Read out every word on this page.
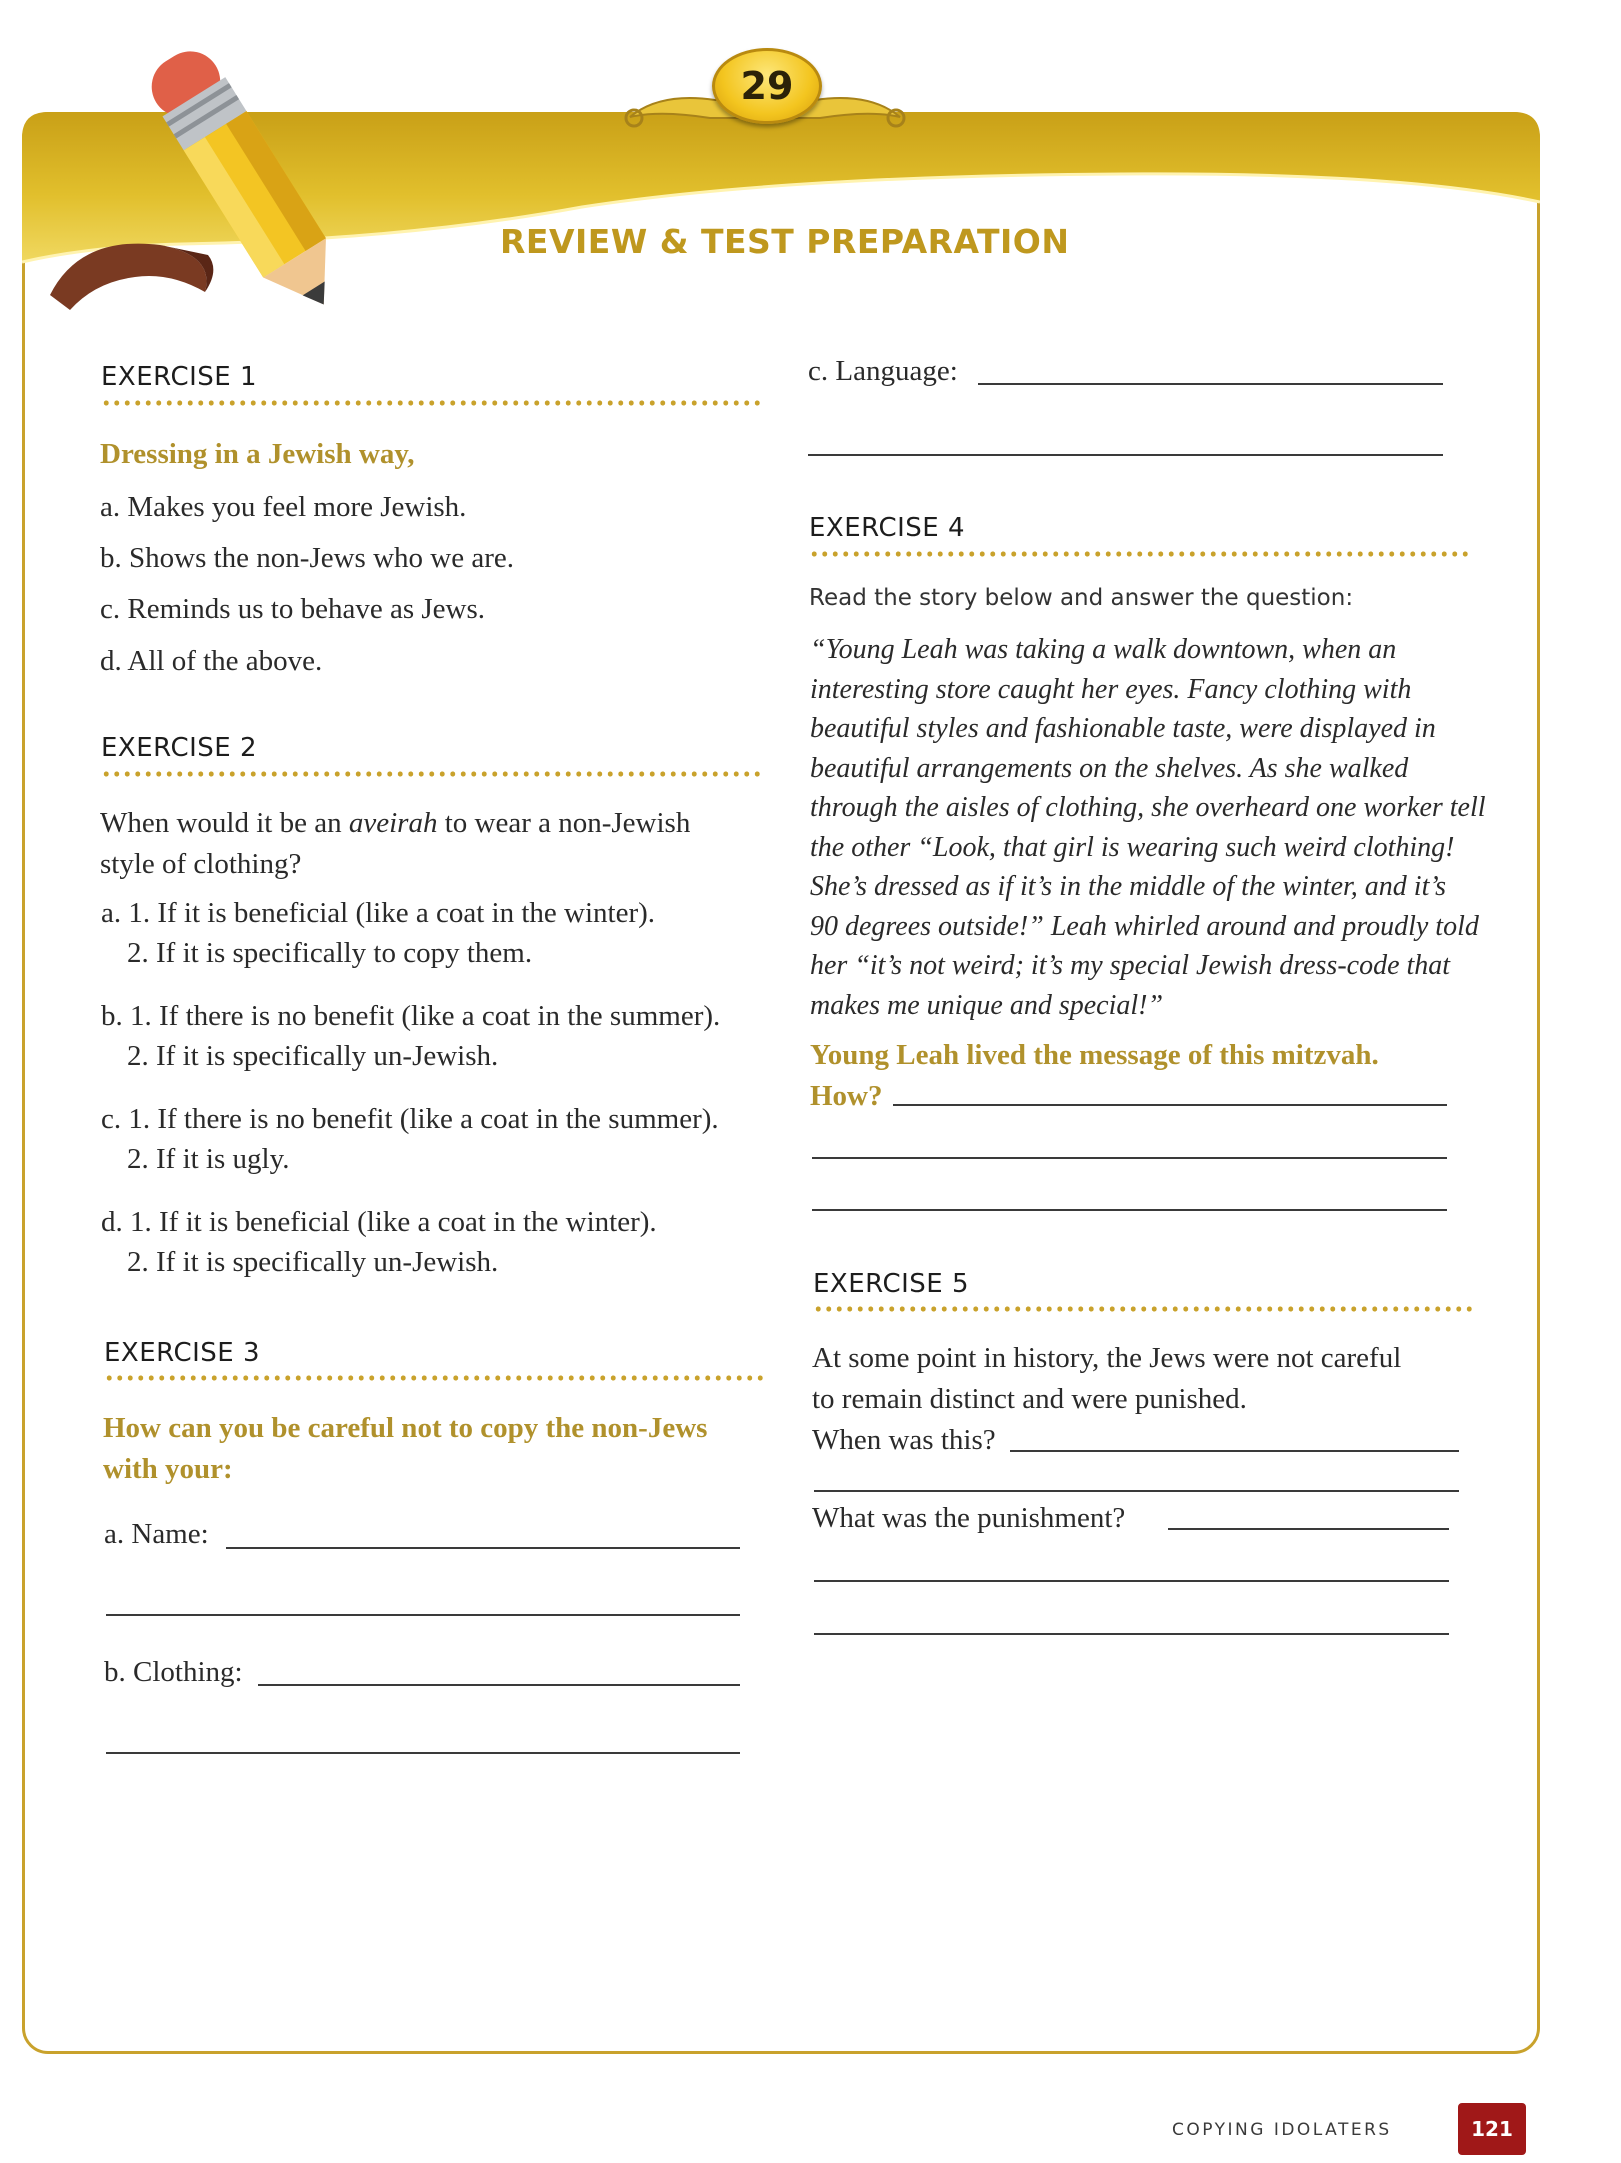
29
REVIEW & TEST PREPARATION
EXERCISE 1
Dressing in a Jewish way,
a. Makes you feel more Jewish.
b. Shows the non-Jews who we are.
c. Reminds us to behave as Jews.
d. All of the above.
EXERCISE 2
When would it be an aveirah to wear a non-Jewish
style of clothing?
a. 1. If it is beneficial (like a coat in the winter).
2. If it is specifically to copy them.
b. 1. If there is no benefit (like a coat in the summer).
2. If it is specifically un-Jewish.
c. 1. If there is no benefit (like a coat in the summer).
2. If it is ugly.
d. 1. If it is beneficial (like a coat in the winter).
2. If it is specifically un-Jewish.
EXERCISE 3
How can you be careful not to copy the non-Jews
with your:
a. Name:
b. Clothing:
c. Language:
EXERCISE 4
Read the story below and answer the question:
“Young Leah was taking a walk downtown, when an
interesting store caught her eyes. Fancy clothing with
beautiful styles and fashionable taste, were displayed in
beautiful arrangements on the shelves. As she walked
through the aisles of clothing, she overheard one worker tell
the other “Look, that girl is wearing such weird clothing!
She’s dressed as if it’s in the middle of the winter, and it’s
90 degrees outside!” Leah whirled around and proudly told
her “it’s not weird; it’s my special Jewish dress-code that
makes me unique and special!”
Young Leah lived the message of this mitzvah.
How?
EXERCISE 5
At some point in history, the Jews were not careful
to remain distinct and were punished.
When was this?
What was the punishment?
COPYING IDOLATERS	121
